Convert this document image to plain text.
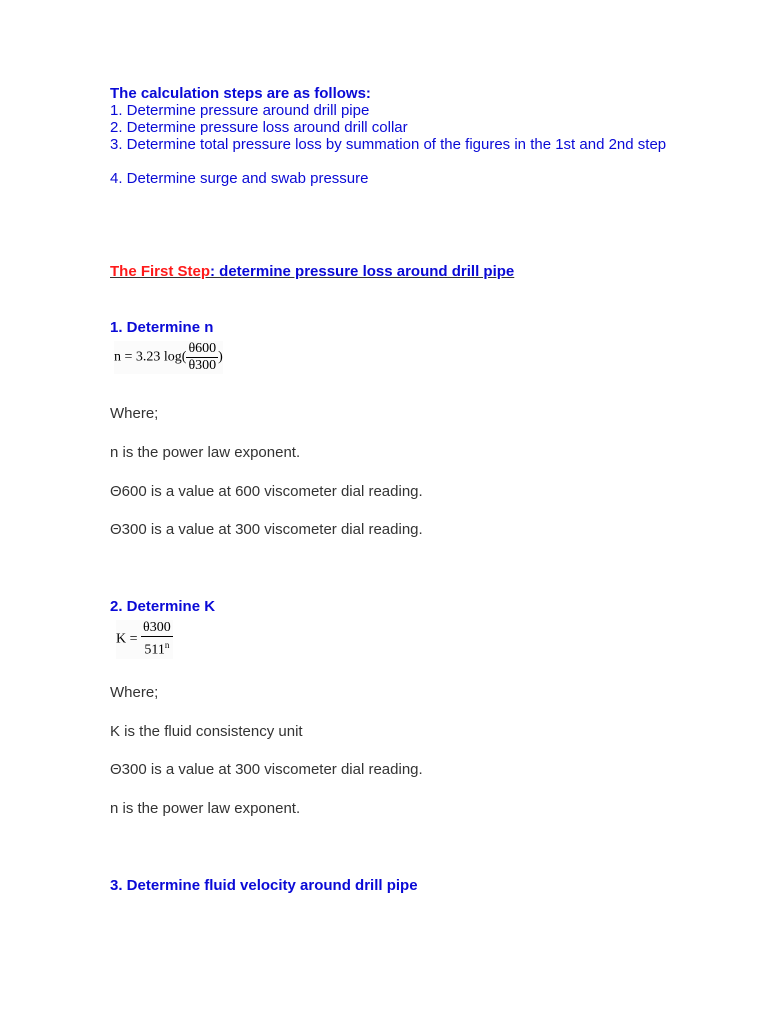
The calculation steps are as follows:
1. Determine pressure around drill pipe
2. Determine pressure loss around drill collar
3. Determine total pressure loss by summation of the figures in the 1st and 2nd step
4. Determine surge and swab pressure
The First Step: determine pressure loss around drill pipe
1. Determine n
n = 3.23 $\log( \frac{\theta 600}{\theta 300}$ )
Where;
n is the power law exponent.
Θ600 is a value at 600 viscometer dial reading.
Θ300 is a value at 300 viscometer dial reading.
2. Determine K
$K = \frac{\theta 300}{511^n}$
Where;
K is the fluid consistency unit
Θ300 is a value at 300 viscometer dial reading.
n is the power law exponent.
3. Determine fluid velocity around drill pipe
